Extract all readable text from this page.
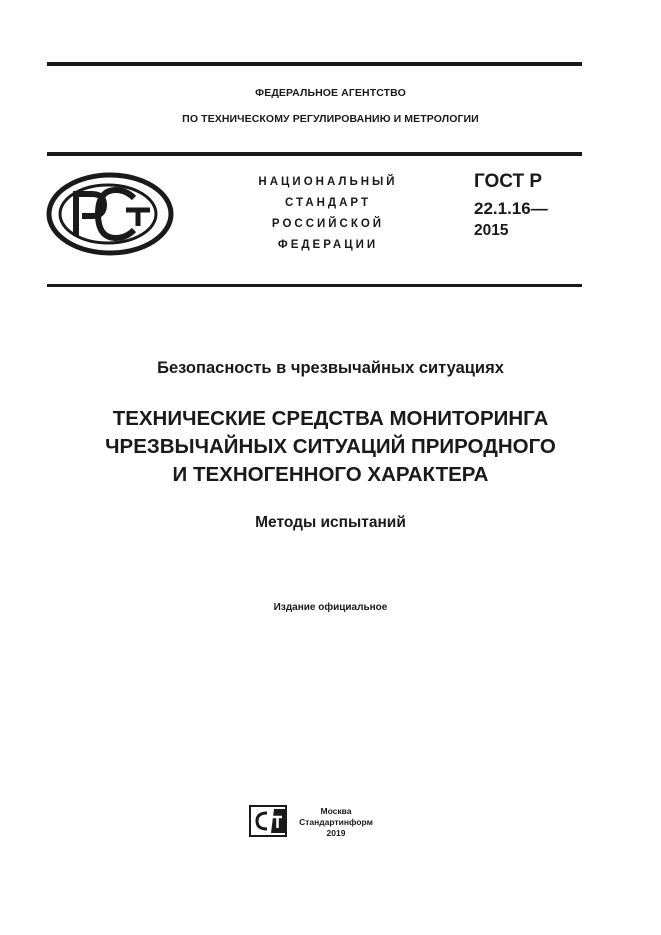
ФЕДЕРАЛЬНОЕ АГЕНТСТВО
ПО ТЕХНИЧЕСКОМУ РЕГУЛИРОВАНИЮ И МЕТРОЛОГИИ
НАЦИОНАЛЬНЫЙ
СТАНДАРТ
РОССИЙСКОЙ
ФЕДЕРАЦИИ
ГОСТ Р
22.1.16—
2015
Безопасность в чрезвычайных ситуациях
ТЕХНИЧЕСКИЕ СРЕДСТВА МОНИТОРИНГА
ЧРЕЗВЫЧАЙНЫХ СИТУАЦИЙ ПРИРОДНОГО
И ТЕХНОГЕННОГО ХАРАКТЕРА
Методы испытаний
Издание официальное
Москва
Стандартинформ
2019
